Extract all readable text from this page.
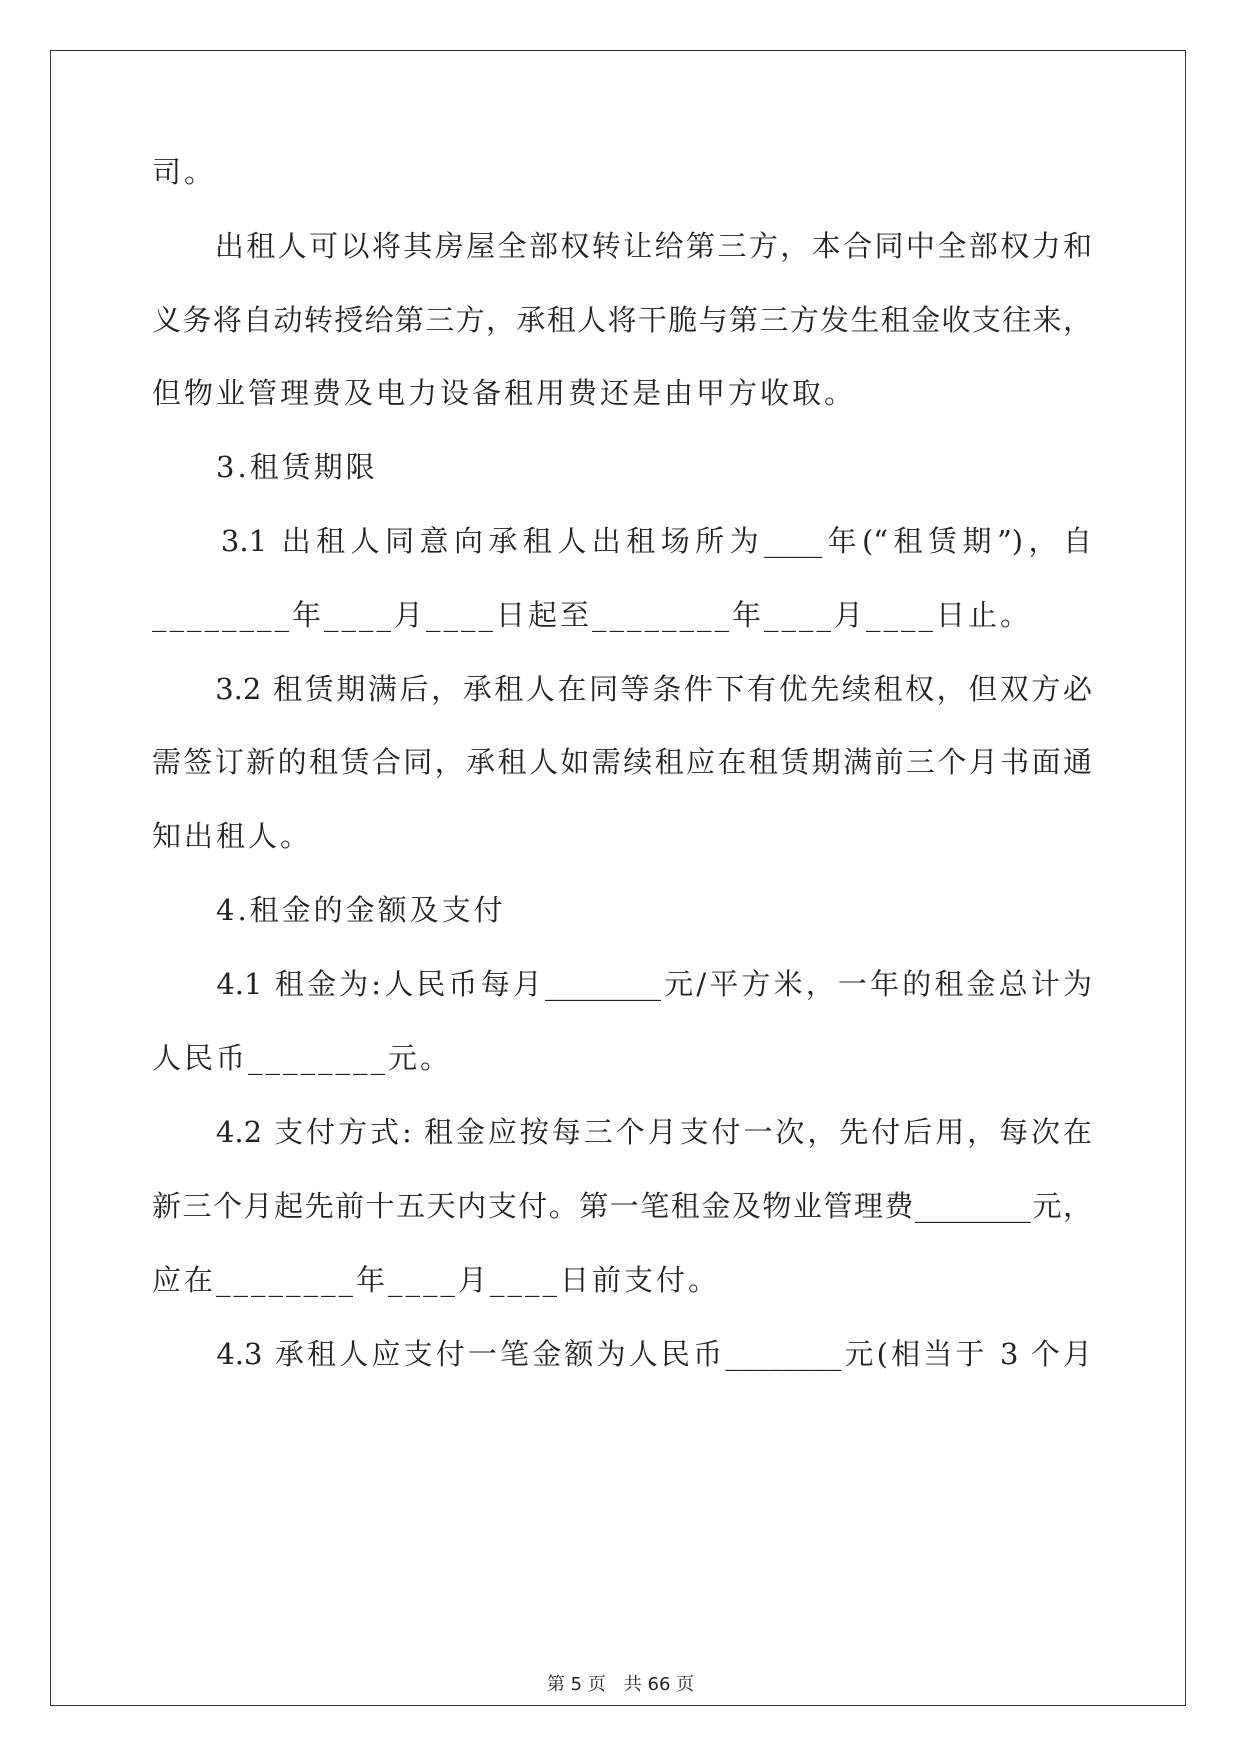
司。
　　出租人可以将其房屋全部权转让给第三方，本合同中全部权力和
义务将自动转授给第三方，承租人将干脆与第三方发生租金收支往来，
但物业管理费及电力设备租用费还是由甲方收取。
　　3.租赁期限
　　3.1 出租人同意向承租人出租场所为____年(“租赁期”)，自
________年____月____日起至________年____月____日止。
　　3.2 租赁期满后，承租人在同等条件下有优先续租权，但双方必
需签订新的租赁合同，承租人如需续租应在租赁期满前三个月书面通
知出租人。
　　4.租金的金额及支付
　　4.1 租金为:人民币每月________元/平方米，一年的租金总计为
人民币________元。
　　4.2 支付方式: 租金应按每三个月支付一次，先付后用，每次在
新三个月起先前十五天内支付。第一笔租金及物业管理费________元，
应在________年____月____日前支付。
　　4.3 承租人应支付一笔金额为人民币________元(相当于 3 个月
第 5 页　共 66 页
